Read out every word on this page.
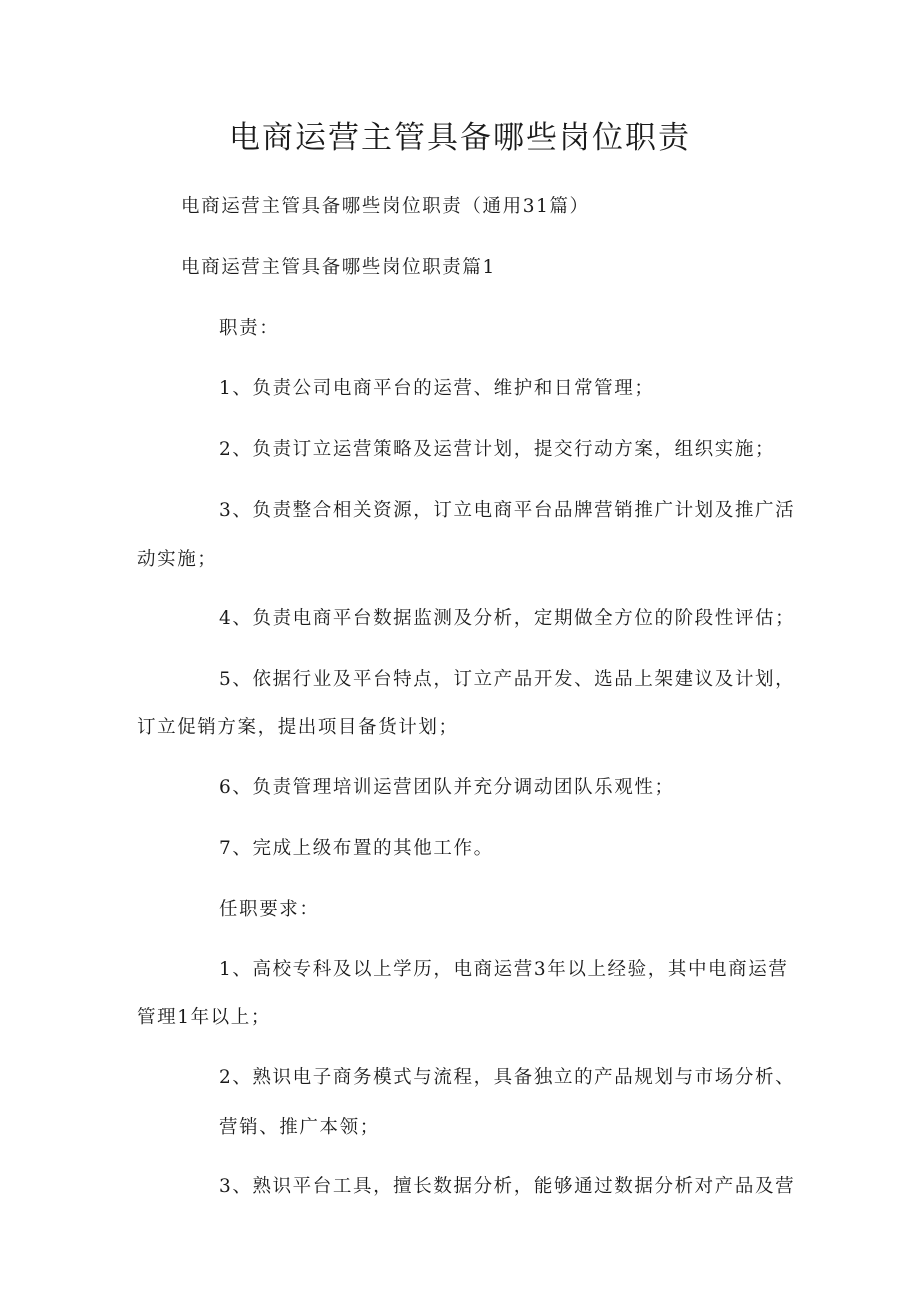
电商运营主管具备哪些岗位职责

电商运营主管具备哪些岗位职责（通用31篇）

电商运营主管具备哪些岗位职责篇1

职责：

1、负责公司电商平台的运营、维护和日常管理；

2、负责订立运营策略及运营计划，提交行动方案，组织实施；

3、负责整合相关资源，订立电商平台品牌营销推广计划及推广活

动实施；

4、负责电商平台数据监测及分析，定期做全方位的阶段性评估；

5、依据行业及平台特点，订立产品开发、选品上架建议及计划，

订立促销方案，提出项目备货计划；

6、负责管理培训运营团队并充分调动团队乐观性；

7、完成上级布置的其他工作。

任职要求：

1、高校专科及以上学历，电商运营3年以上经验，其中电商运营

管理1年以上；

2、熟识电子商务模式与流程，具备独立的产品规划与市场分析、

营销、推广本领；

3、熟识平台工具，擅长数据分析，能够通过数据分析对产品及营
